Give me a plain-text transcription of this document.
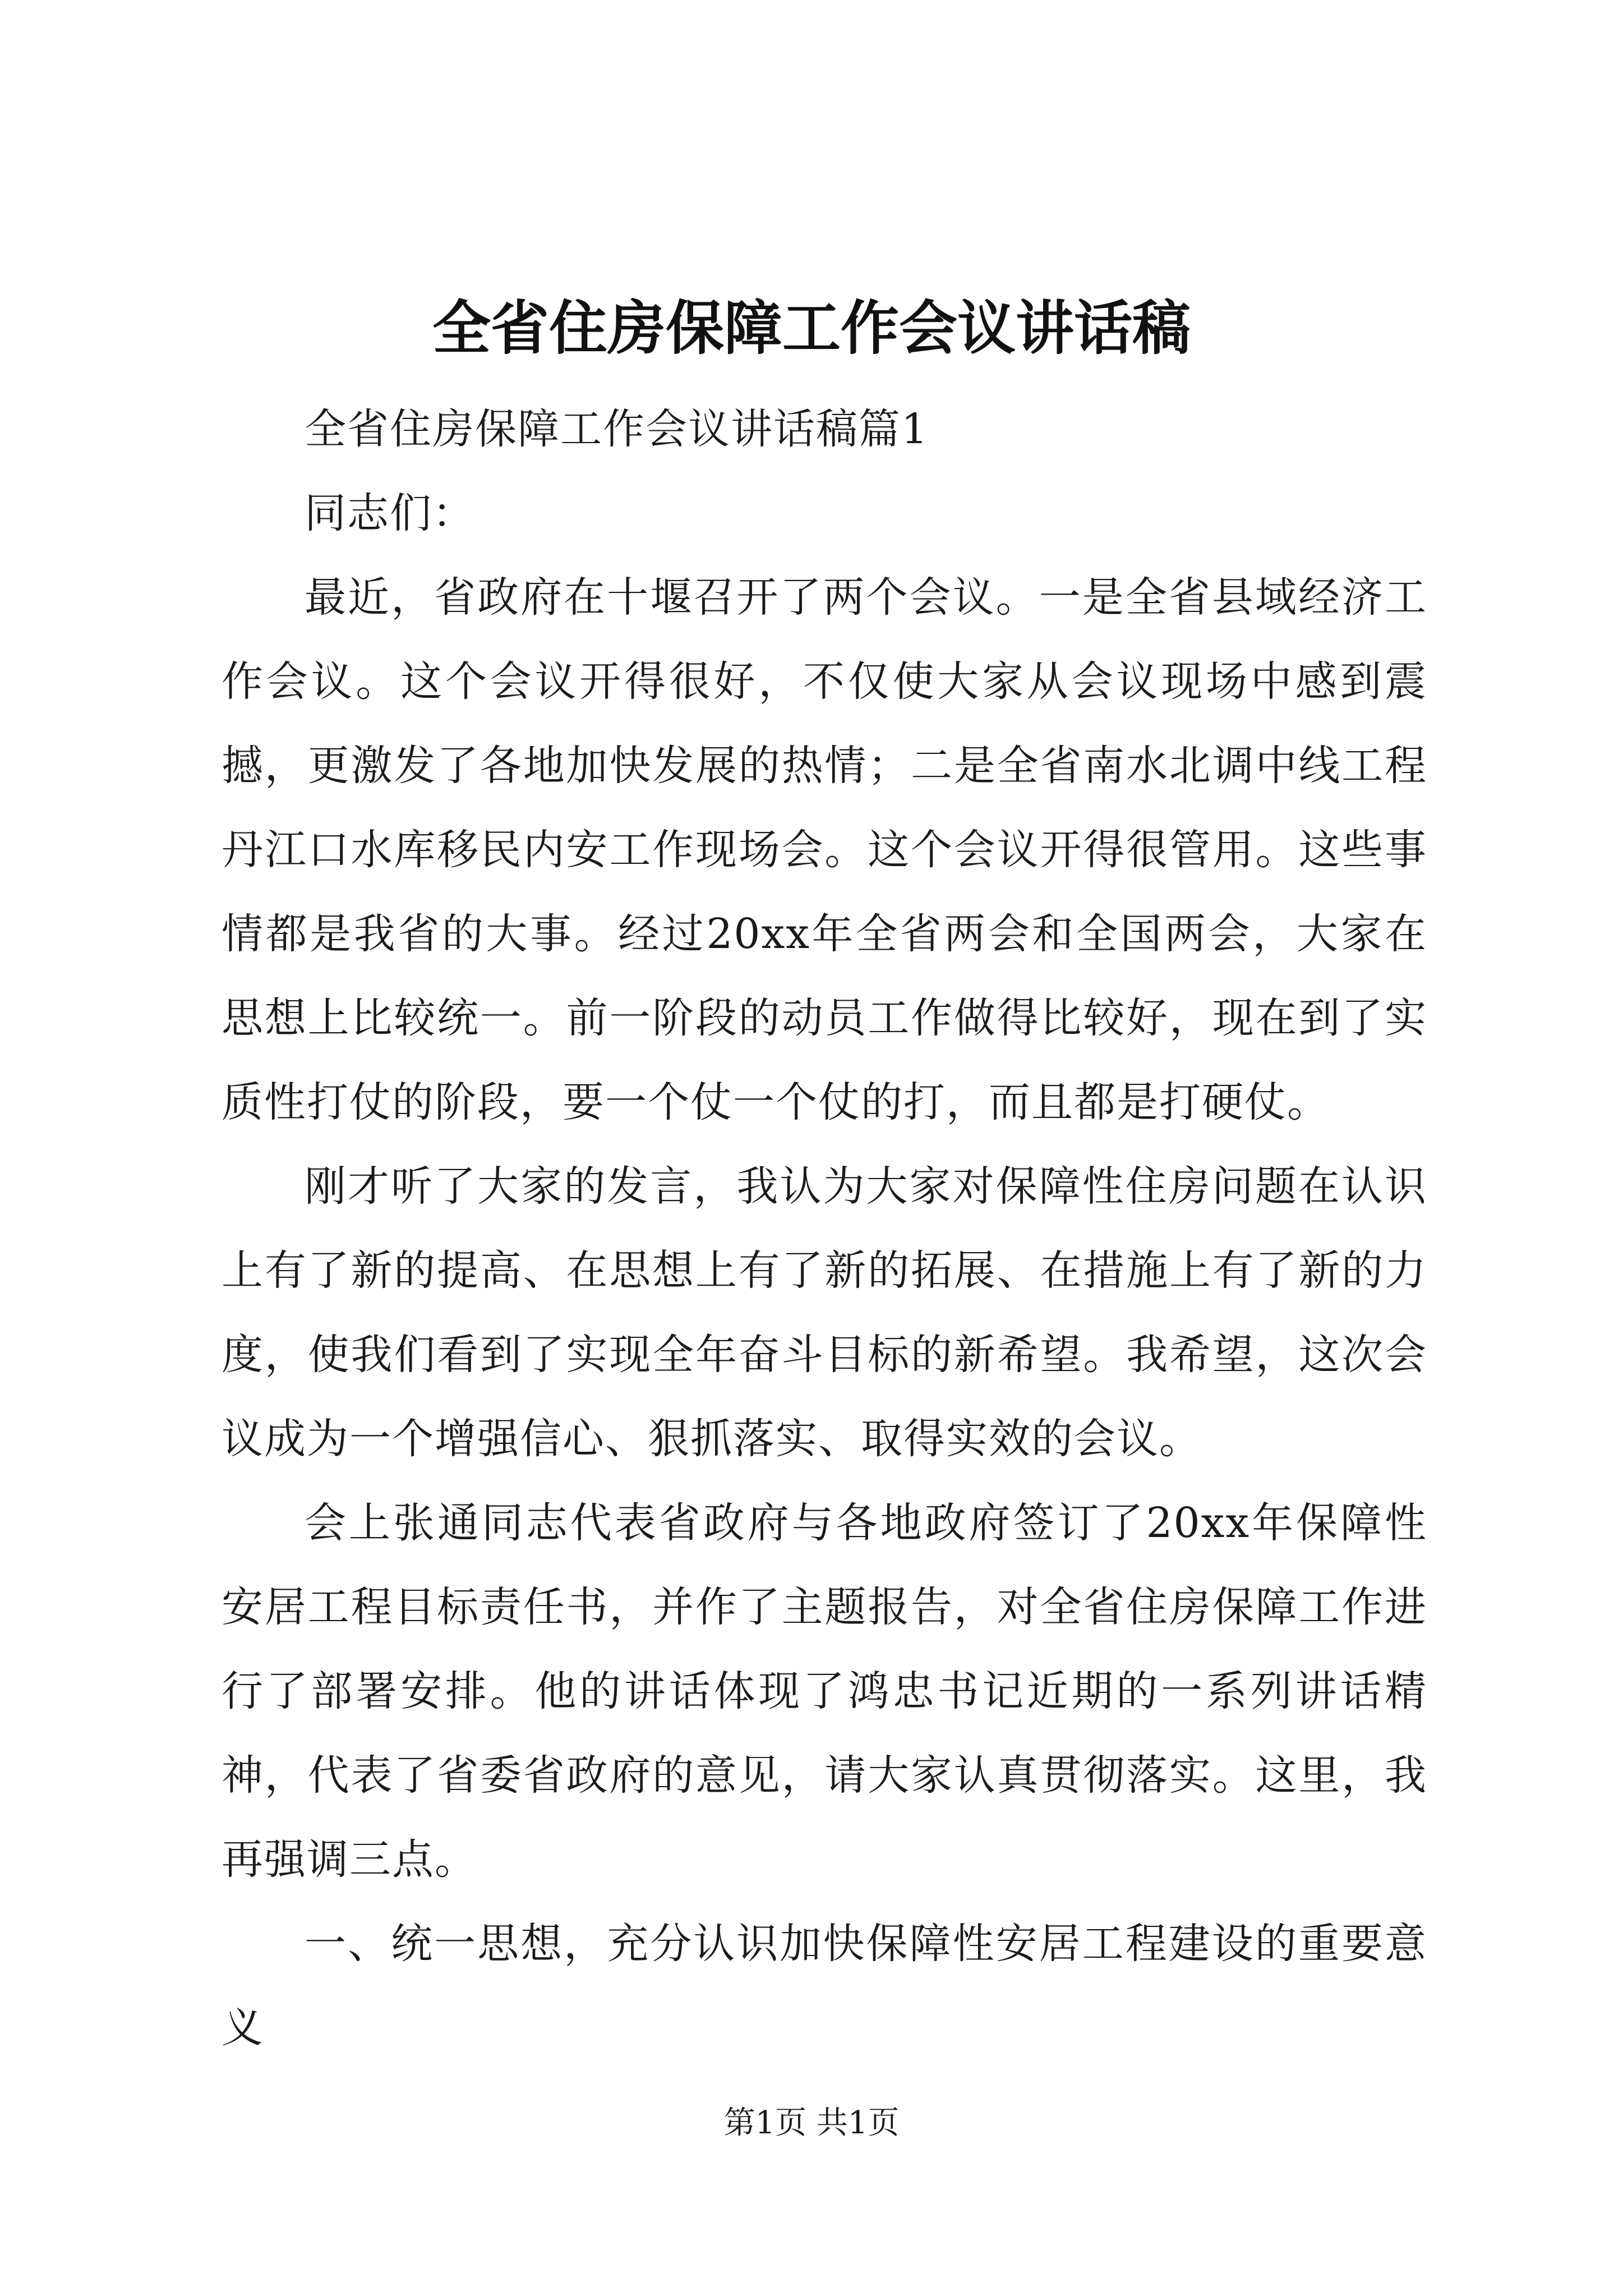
全省住房保障工作会议讲话稿

全省住房保障工作会议讲话稿篇1

同志们：

最近，省政府在十堰召开了两个会议。一是全省县域经济工作会议。这个会议开得很好，不仅使大家从会议现场中感到震撼，更激发了各地加快发展的热情；二是全省南水北调中线工程丹江口水库移民内安工作现场会。这个会议开得很管用。这些事情都是我省的大事。经过20xx年全省两会和全国两会，大家在思想上比较统一。前一阶段的动员工作做得比较好，现在到了实质性打仗的阶段，要一个仗一个仗的打，而且都是打硬仗。

刚才听了大家的发言，我认为大家对保障性住房问题在认识上有了新的提高、在思想上有了新的拓展、在措施上有了新的力度，使我们看到了实现全年奋斗目标的新希望。我希望，这次会议成为一个增强信心、狠抓落实、取得实效的会议。

会上张通同志代表省政府与各地政府签订了20xx年保障性安居工程目标责任书，并作了主题报告，对全省住房保障工作进行了部署安排。他的讲话体现了鸿忠书记近期的一系列讲话精神，代表了省委省政府的意见，请大家认真贯彻落实。这里，我再强调三点。

一、统一思想，充分认识加快保障性安居工程建设的重要意义

第1页 共1页
